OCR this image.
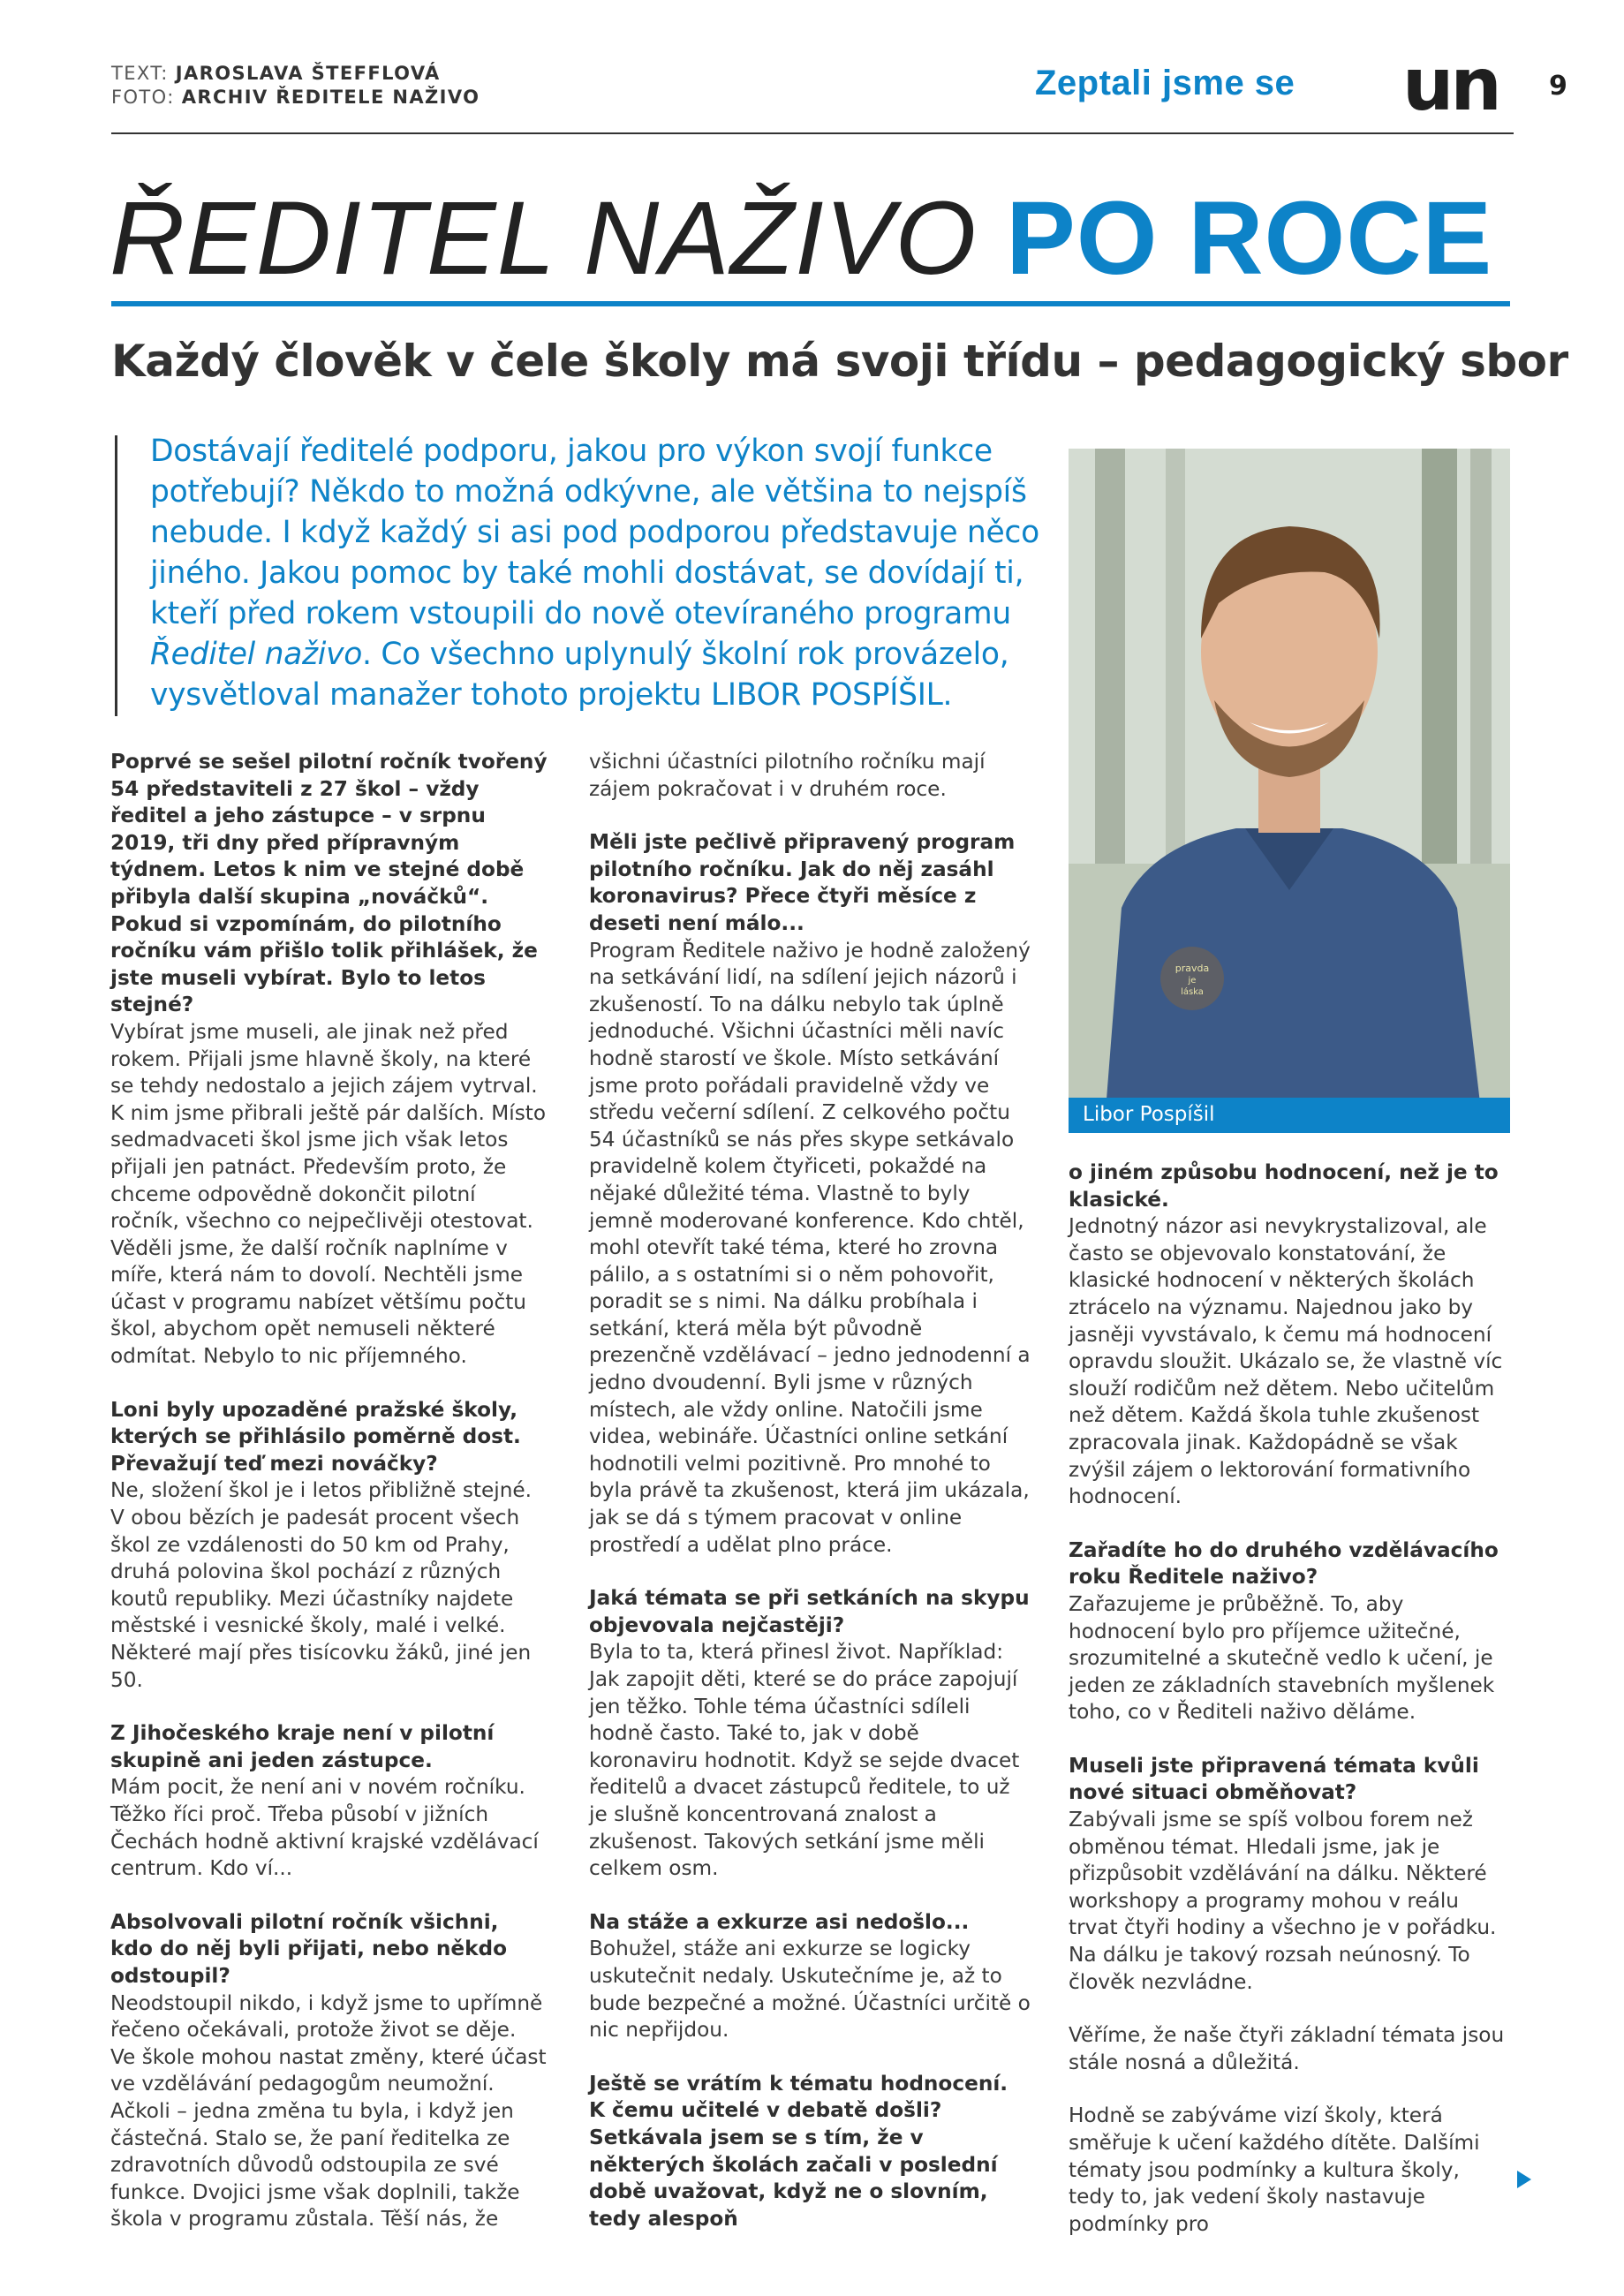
TEXT: JAROSLAVA ŠTEFFLOVÁ
FOTO: ARCHIV ŘEDITELE NAŽIVO	Zeptali jsme se un 9
ŘEDITEL NAŽIVO PO ROCE
Každý člověk v čele školy má svoji třídu – pedagogický sbor
Dostávají ředitelé podporu, jakou pro výkon svojí funkce potřebují? Někdo to možná odkývne, ale většina to nejspíš nebude. I když každý si asi pod podporou představuje něco jiného. Jakou pomoc by také mohli dostávat, se dovídají ti, kteří před rokem vstoupili do nově otevíraného programu Ředitel naživo. Co všechno uplynulý školní rok provázelo, vysvětloval manažer tohoto projektu LIBOR POSPÍŠIL.
pravda
je
láska
Libor Pospíšil

Poprvé se sešel pilotní ročník tvořený 54 představiteli z 27 škol – vždy ředitel a jeho zástupce – v srpnu 2019, tři dny před přípravným týdnem. Letos k nim ve stejné době přibyla další skupina „nováčků“. Pokud si vzpomínám, do pilotního ročníku vám přišlo tolik přihlášek, že jste museli vybírat. Bylo to letos stejné?

Vybírat jsme museli, ale jinak než před rokem. Přijali jsme hlavně školy, na které se tehdy nedostalo a jejich zájem vytrval. K nim jsme přibrali ještě pár dalších. Místo sedmadvaceti škol jsme jich však letos přijali jen patnáct. Především proto, že chceme odpovědně dokončit pilotní ročník, všechno co nejpečlivěji otestovat. Věděli jsme, že další ročník naplníme v míře, která nám to dovolí. Nechtěli jsme účast v programu nabízet většímu počtu škol, abychom opět nemuseli některé odmítat. Nebylo to nic příjemného.

Loni byly upozaděné pražské školy, kterých se přihlásilo poměrně dost. Převažují teď mezi nováčky?

Ne, složení škol je i letos přibližně stejné. V obou bězích je padesát procent všech škol ze vzdálenosti do 50 km od Prahy, druhá polovina škol pochází z různých koutů republiky. Mezi účastníky najdete městské i vesnické školy, malé i velké. Některé mají přes tisícovku žáků, jiné jen 50.

Z Jihočeského kraje není v pilotní skupině ani jeden zástupce.

Mám pocit, že není ani v novém ročníku. Těžko říci proč. Třeba působí v jižních Čechách hodně aktivní krajské vzdělávací centrum. Kdo ví...

Absolvovali pilotní ročník všichni, kdo do něj byli přijati, nebo někdo odstoupil?

Neodstoupil nikdo, i když jsme to upřímně řečeno očekávali, protože život se děje. Ve škole mohou nastat změny, které účast ve vzdělávání pedagogům neumožní. Ačkoli – jedna změna tu byla, i když jen částečná. Stalo se, že paní ředitelka ze zdravotních důvodů odstoupila ze své funkce. Dvojici jsme však doplnili, takže škola v programu zůstala. Těší nás, že

všichni účastníci pilotního ročníku mají zájem pokračovat i v druhém roce.

Měli jste pečlivě připravený program pilotního ročníku. Jak do něj zasáhl koronavirus? Přece čtyři měsíce z deseti není málo...

Program Ředitele naživo je hodně založený na setkávání lidí, na sdílení jejich názorů i zkušeností. To na dálku nebylo tak úplně jednoduché. Všichni účastníci měli navíc hodně starostí ve škole. Místo setkávání jsme proto pořádali pravidelně vždy ve středu večerní sdílení. Z celkového počtu 54 účastníků se nás přes skype setkávalo pravidelně kolem čtyřiceti, pokaždé na nějaké důležité téma. Vlastně to byly jemně moderované konference. Kdo chtěl, mohl otevřít také téma, které ho zrovna pálilo, a s ostatními si o něm pohovořit, poradit se s nimi. Na dálku probíhala i setkání, která měla být původně prezenčně vzdělávací – jedno jednodenní a jedno dvoudenní. Byli jsme v různých místech, ale vždy online. Natočili jsme videa, webináře. Účastníci online setkání hodnotili velmi pozitivně. Pro mnohé to byla právě ta zkušenost, která jim ukázala, jak se dá s týmem pracovat v online prostředí a udělat plno práce.

Jaká témata se při setkáních na skypu objevovala nejčastěji?

Byla to ta, která přinesl život. Například: Jak zapojit děti, které se do práce zapojují jen těžko. Tohle téma účastníci sdíleli hodně často. Také to, jak v době koronaviru hodnotit. Když se sejde dvacet ředitelů a dvacet zástupců ředitele, to už je slušně koncentrovaná znalost a zkušenost. Takových setkání jsme měli celkem osm.

Na stáže a exkurze asi nedošlo...

Bohužel, stáže ani exkurze se logicky uskutečnit nedaly. Uskutečníme je, až to bude bezpečné a možné. Účastníci určitě o nic nepřijdou.

Ještě se vrátím k tématu hodnocení. K čemu učitelé v debatě došli? Setkávala jsem se s tím, že v některých školách začali v poslední době uvažovat, když ne o slovním, tedy alespoň

o jiném způsobu hodnocení, než je to klasické.

Jednotný názor asi nevykrystalizoval, ale často se objevovalo konstatování, že klasické hodnocení v některých školách ztrácelo na významu. Najednou jako by jasněji vyvstávalo, k čemu má hodnocení opravdu sloužit. Ukázalo se, že vlastně víc slouží rodičům než dětem. Nebo učitelům než dětem. Každá škola tuhle zkušenost zpracovala jinak. Každopádně se však zvýšil zájem o lektorování formativního hodnocení.

Zařadíte ho do druhého vzdělávacího roku Ředitele naživo?

Zařazujeme je průběžně. To, aby hodnocení bylo pro příjemce užitečné, srozumitelné a skutečně vedlo k učení, je jeden ze základních stavebních myšlenek toho, co v Řediteli naživo děláme.

Museli jste připravená témata kvůli nové situaci obměňovat?

Zabývali jsme se spíš volbou forem než obměnou témat. Hledali jsme, jak je přizpůsobit vzdělávání na dálku. Některé workshopy a programy mohou v reálu trvat čtyři hodiny a všechno je v pořádku. Na dálku je takový rozsah neúnosný. To člověk nezvládne.

Věříme, že naše čtyři základní témata jsou stále nosná a důležitá.

Hodně se zabýváme vizí školy, která směřuje k učení každého dítěte. Dalšími tématy jsou podmínky a kultura školy, tedy to, jak vedení školy nastavuje podmínky pro
